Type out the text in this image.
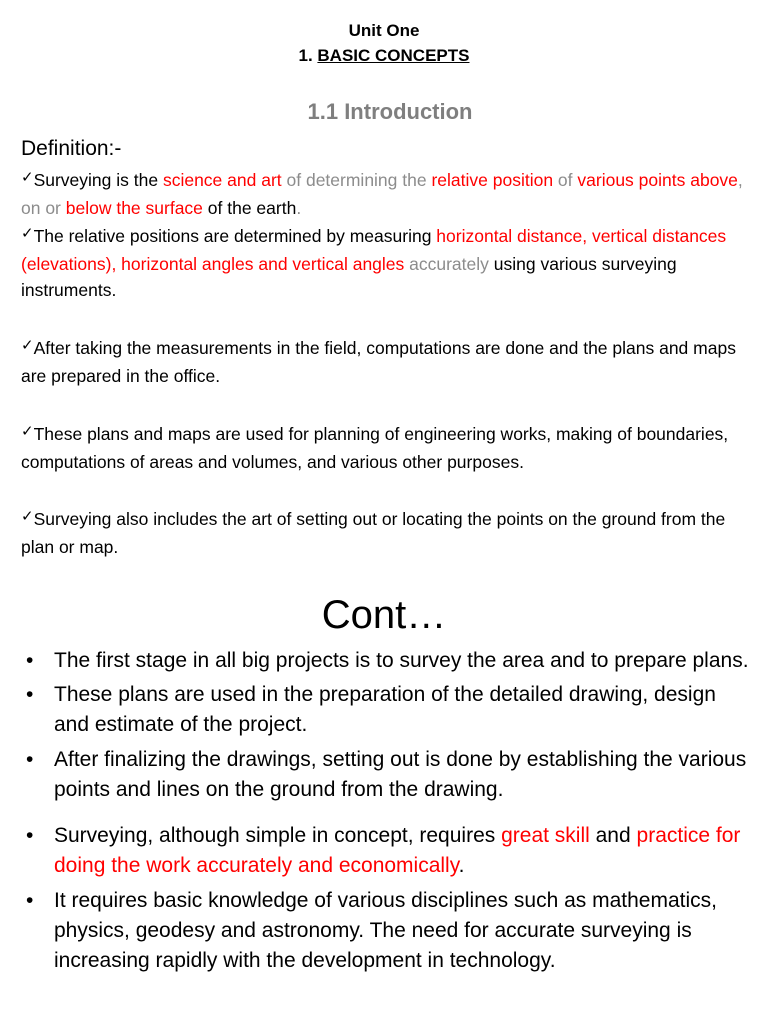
Unit One
1. BASIC CONCEPTS
1.1 Introduction
Definition:-
✓Surveying is the science and art of determining the relative position of various points above, on or below the surface of the earth.
✓The relative positions are determined by measuring horizontal distance, vertical distances (elevations), horizontal angles and vertical angles accurately using various surveying instruments.
✓After taking the measurements in the field, computations are done and the plans and maps are prepared in the office.
✓These plans and maps are used for planning of engineering works, making of boundaries, computations of areas and volumes, and various other purposes.
✓Surveying also includes the art of setting out or locating the points on the ground from the plan or map.
Cont…
• The first stage in all big projects is to survey the area and to prepare plans.
• These plans are used in the preparation of the detailed drawing, design and estimate of the project.
• After finalizing the drawings, setting out is done by establishing the various points and lines on the ground from the drawing.
• Surveying, although simple in concept, requires great skill and practice for doing the work accurately and economically.
• It requires basic knowledge of various disciplines such as mathematics, physics, geodesy and astronomy. The need for accurate surveying is increasing rapidly with the development in technology.
